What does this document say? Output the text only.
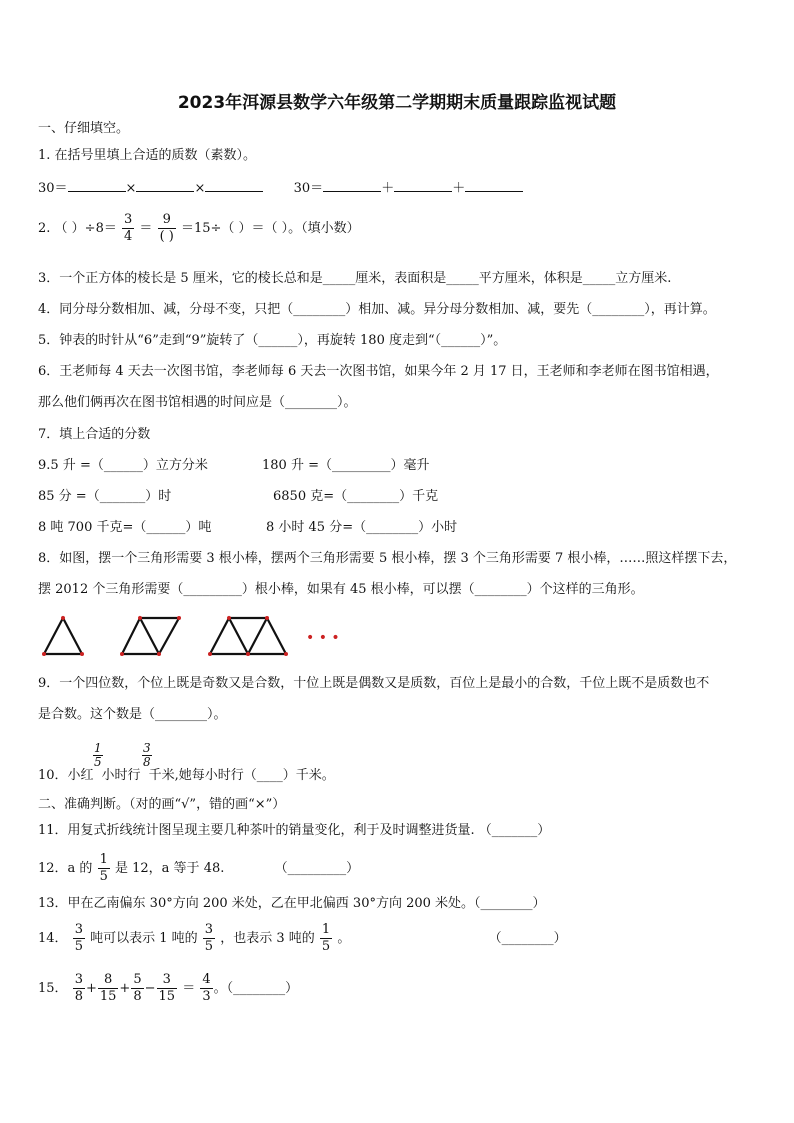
2023年洱源县数学六年级第二学期期末质量跟踪监视试题
一、仔细填空。
1. 在括号里填上合适的质数（素数）。
30＝	×	×	30＝	＋	＋
2. （ ）$\div 8= \frac{3}{4} = \frac{9}{( )} =15\div$（ ）＝（ ）。（填小数）
3．一个正方体的棱长是 5 厘米，它的棱长总和是_____厘米，表面积是_____平方厘米，体积是_____立方厘米.
4．同分母分数相加、减，分母不变，只把（________）相加、减。异分母分数相加、减，要先（________），再计算。
5．钟表的时针从“6”走到“9”旋转了（______），再旋转 180 度走到“（______）”。
6．王老师每 4 天去一次图书馆，李老师每 6 天去一次图书馆，如果今年 2 月 17 日，王老师和李老师在图书馆相遇，
那么他们俩再次在图书馆相遇的时间应是（________）。
7．填上合适的分数
9.5 升 =（______）立方分米	180 升 =（_________）毫升
85 分 =（_______）时	6850 克=（________）千克
8 吨 700 千克=（______）吨	8 小时 45 分=（________）小时
8．如图，摆一个三角形需要 3 根小棒，摆两个三角形需要 5 根小棒，摆 3 个三角形需要 7 根小棒，……照这样摆下去，
摆 2012 个三角形需要（_________）根小棒，如果有 45 根小棒，可以摆（________）个这样的三角形。
• • •
9．一个四位数，个位上既是奇数又是合数，十位上既是偶数又是质数，百位上是最小的合数，千位上既不是质数也不
是合数。这个数是（________）。
$\frac{1}{5}$	$\frac{3}{8}$
10．小红 小时行 千米,她每小时行（____）千米。
二、准确判断。（对的画“√”，错的画“×”）
11．用复式折线统计图呈现主要几种茶叶的销量变化，利于及时调整进货量. （_______）
12．a 的 $\frac{1}{5}$ 是 12，a 等于 48.	（_________）
13．甲在乙南偏东 30°方向 200 米处，乙在甲北偏西 30°方向 200 米处。（________）
14． $\frac{3}{5}$ 吨可以表示 1 吨的 $\frac{3}{5}$ ，也表示 3 吨的 $\frac{1}{5}$ 。	（________）
15． $\frac{3}{8} + \frac{8}{15} + \frac{5}{8} - \frac{3}{15} = \frac{4}{3}$ 。（________）
